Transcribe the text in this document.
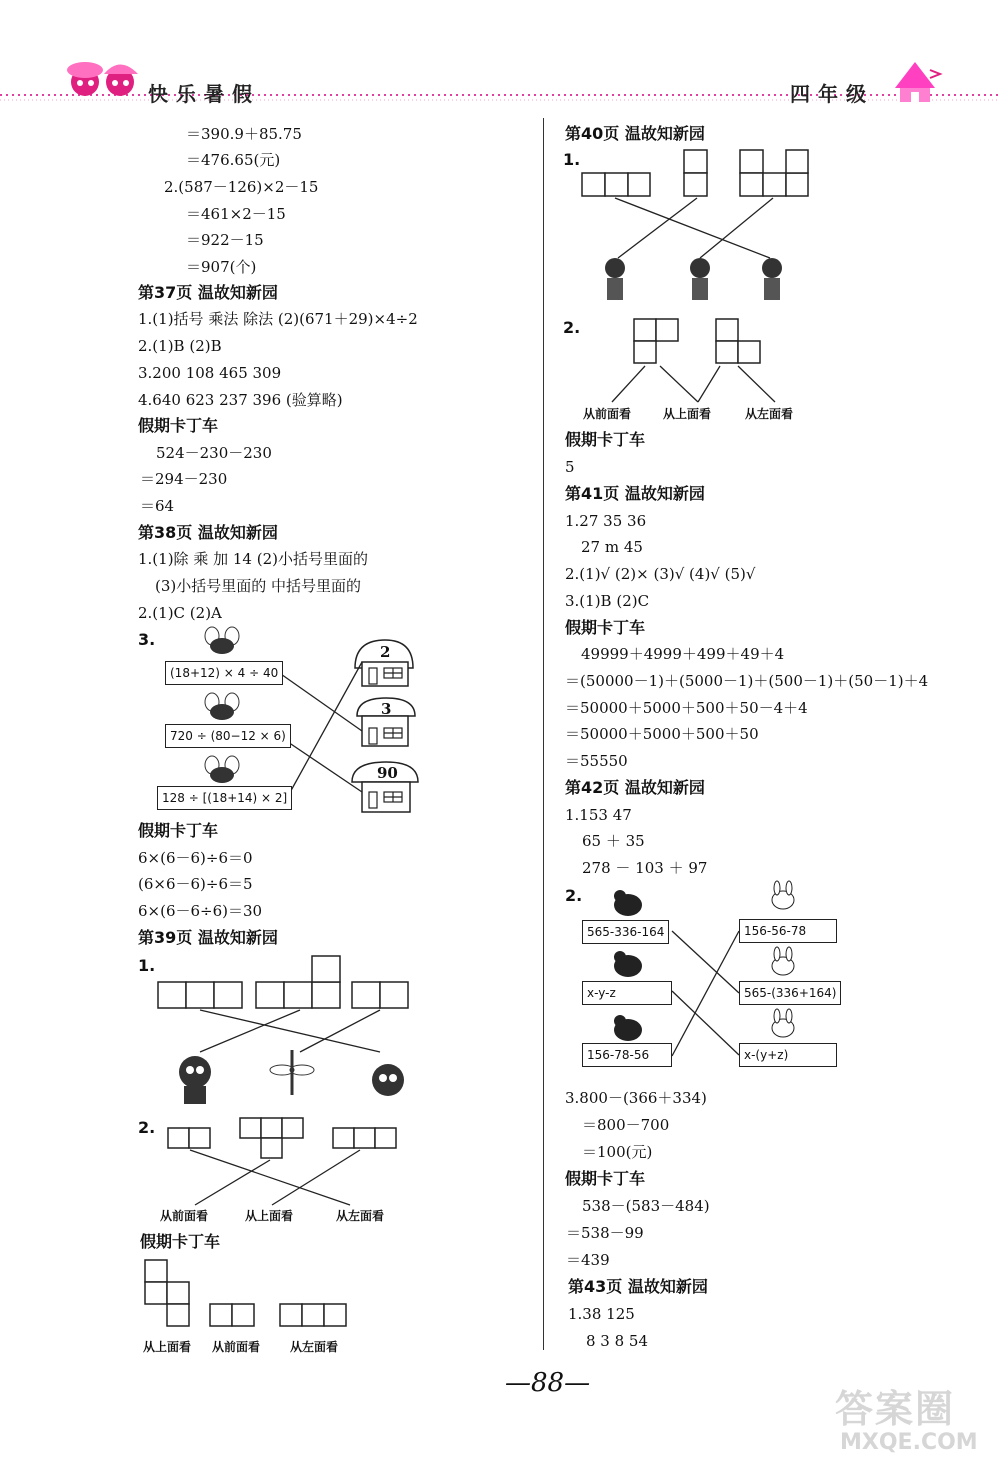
快乐暑假	四年级
＝390.9＋85.75
＝476.65(元)
2.(587－126)×2－15
＝461×2－15
＝922－15
＝907(个)
第37页 温故知新园
1.(1)括号 乘法 除法 (2)(671＋29)×4÷2
2.(1)B (2)B
3.200 108 465 309
4.640 623 237 396 (验算略)
假期卡丁车
524－230－230
＝294－230
＝64
第38页 温故知新园
1.(1)除 乘 加 14 (2)小括号里面的
(3)小括号里面的 中括号里面的
2.(1)C (2)A
3.
(18+12) × 4 ÷ 40
720 ÷ (80−12 × 6)
128 ÷ [(18+14) × 2]
2
3
90
假期卡丁车
6×(6－6)÷6＝0
(6×6－6)÷6＝5
6×(6－6÷6)＝30
第39页 温故知新园
1.
2.
从前面看	从上面看	从左面看
假期卡丁车
从上面看 从前面看 从左面看
第40页 温故知新园
1.
2.
从前面看	从上面看	从左面看
假期卡丁车
5
第41页 温故知新园
1.27 35 36
27 m 45
2.(1)√ (2)× (3)√ (4)√ (5)√
3.(1)B (2)C
假期卡丁车
49999＋4999＋499＋49＋4
＝(50000－1)＋(5000－1)＋(500－1)＋(50－1)＋4
＝50000＋5000＋500＋50－4＋4
＝50000＋5000＋500＋50
＝55550
第42页 温故知新园
1.153 47
65 ＋ 35
278 － 103 ＋ 97
2.
565-336-164
x-y-z
156-78-56
156-56-78
565-(336+164)
x-(y+z)
3.800－(366＋334)
＝800－700
＝100(元)
假期卡丁车
538－(583－484)
＝538－99
＝439
第43页 温故知新园
1.38 125
8 3 8 54
—88—
答案圈
MXQE.COM
